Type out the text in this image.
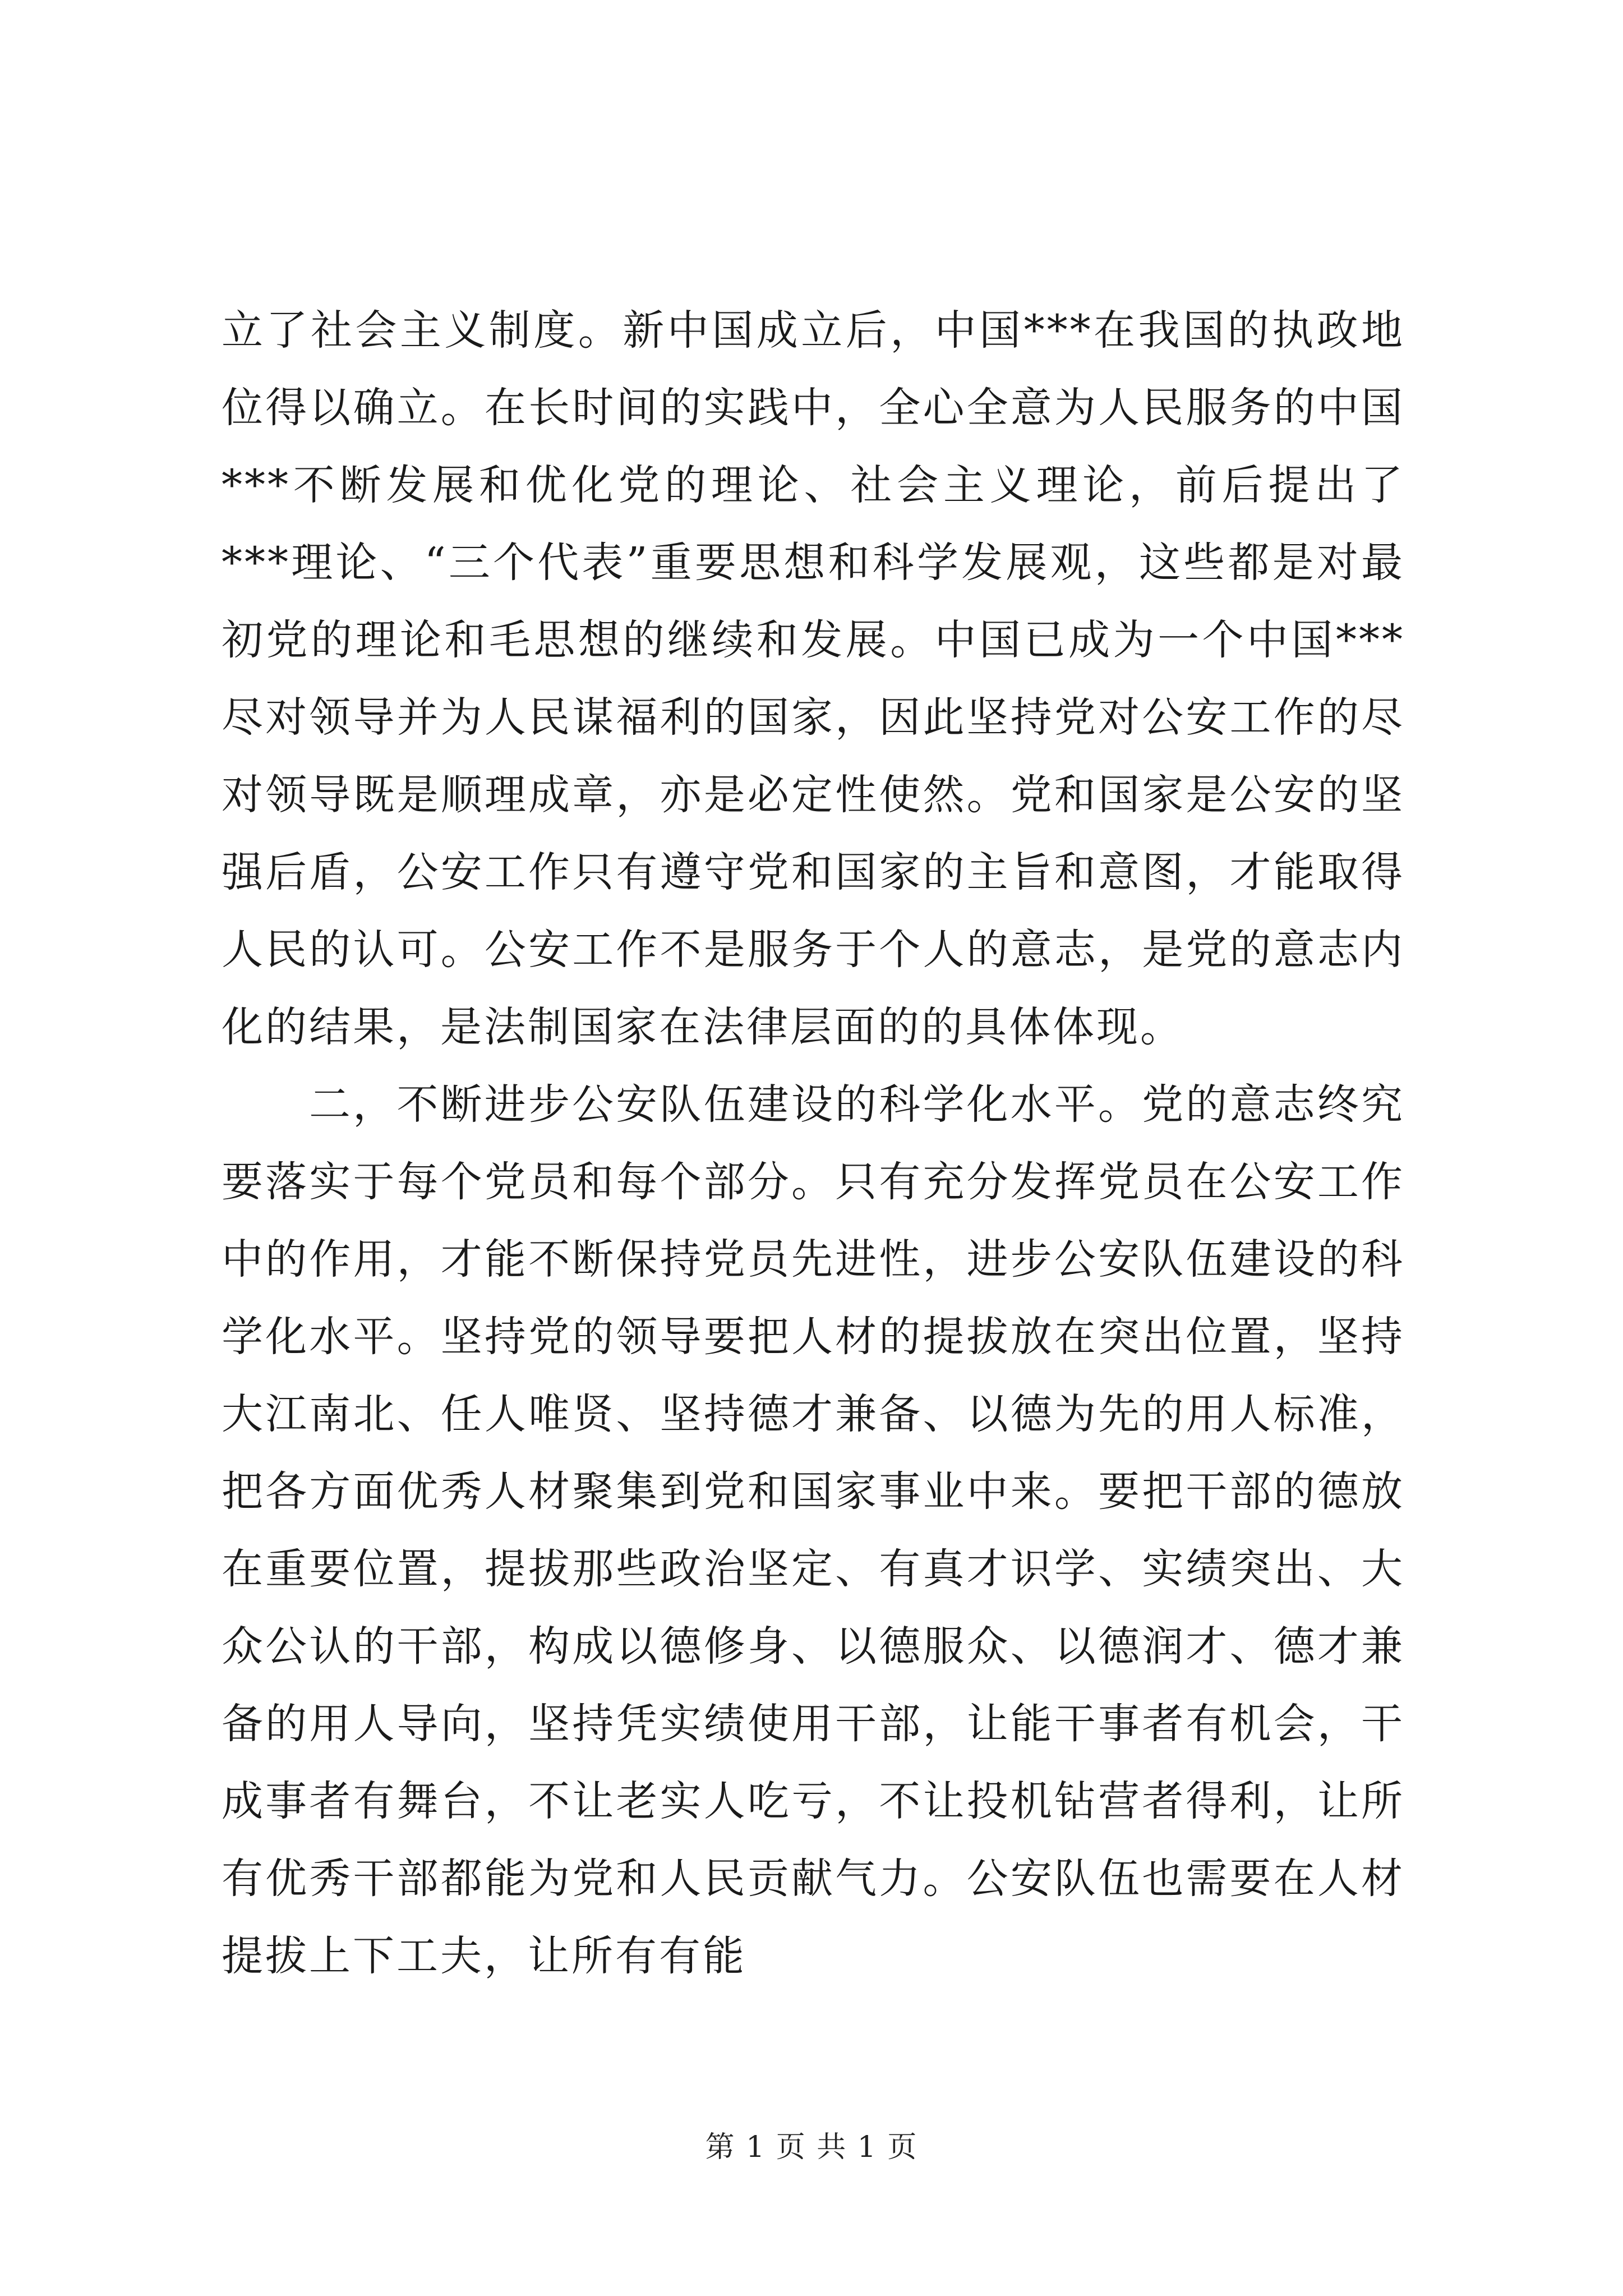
立了社会主义制度。新中国成立后，中国***在我国的执政地位得以确立。在长时间的实践中，全心全意为人民服务的中国***不断发展和优化党的理论、社会主义理论，前后提出了***理论、“三个代表”重要思想和科学发展观，这些都是对最初党的理论和毛思想的继续和发展。中国已成为一个中国***尽对领导并为人民谋福利的国家，因此坚持党对公安工作的尽对领导既是顺理成章，亦是必定性使然。党和国家是公安的坚强后盾，公安工作只有遵守党和国家的主旨和意图，才能取得人民的认可。公安工作不是服务于个人的意志，是党的意志内化的结果，是法制国家在法律层面的的具体体现。

二，不断进步公安队伍建设的科学化水平。党的意志终究要落实于每个党员和每个部分。只有充分发挥党员在公安工作中的作用，才能不断保持党员先进性，进步公安队伍建设的科学化水平。坚持党的领导要把人材的提拔放在突出位置，坚持大江南北、任人唯贤、坚持德才兼备、以德为先的用人标准，把各方面优秀人材聚集到党和国家事业中来。要把干部的德放在重要位置，提拔那些政治坚定、有真才识学、实绩突出、大众公认的干部，构成以德修身、以德服众、以德润才、德才兼备的用人导向，坚持凭实绩使用干部，让能干事者有机会，干成事者有舞台，不让老实人吃亏，不让投机钻营者得利，让所有优秀干部都能为党和人民贡献气力。公安队伍也需要在人材提拔上下工夫，让所有有能

第 1 页 共 1 页
